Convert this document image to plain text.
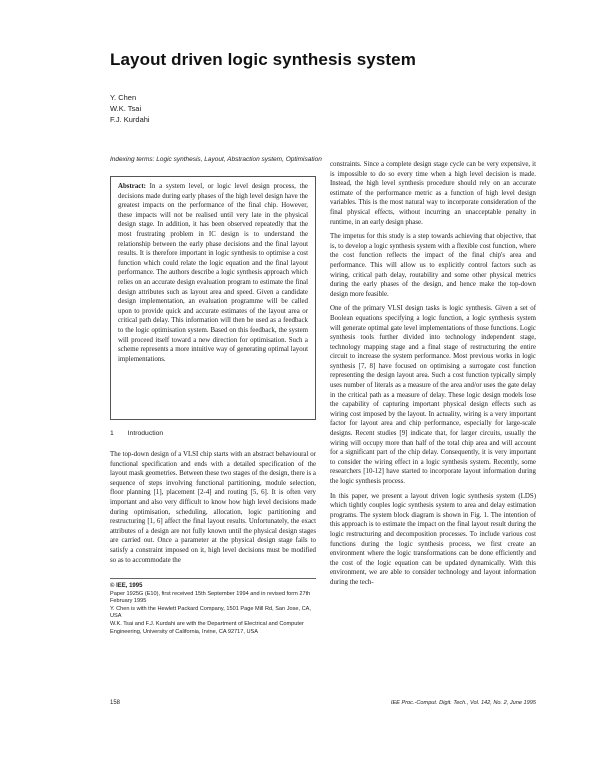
Layout driven logic synthesis system
Y. Chen
W.K. Tsai
F.J. Kurdahi
Indexing terms: Logic synthesis, Layout, Abstraction system, Optimisation
Abstract: In a system level, or logic level design process, the decisions made during early phases of the high level design have the greatest impacts on the performance of the final chip. However, these impacts will not be realised until very late in the physical design stage. In addition, it has been observed repeatedly that the most frustrating problem in IC design is to understand the relationship between the early phase decisions and the final layout results. It is therefore important in logic synthesis to optimise a cost function which could relate the logic equation and the final layout performance. The authors describe a logic synthesis approach which relies on an accurate design evaluation program to estimate the final design attributes such as layout area and speed. Given a candidate design implementation, an evaluation programme will be called upon to provide quick and accurate estimates of the layout area or critical path delay. This information will then be used as a feedback to the logic optimisation system. Based on this feedback, the system will proceed itself toward a new direction for optimisation. Such a scheme represents a more intuitive way of generating optimal layout implementations.
1 Introduction
The top-down design of a VLSI chip starts with an abstract behavioural or functional specification and ends with a detailed specification of the layout mask geometries. Between these two stages of the design, there is a sequence of steps involving functional partitioning, module selection, floor planning [1], placement [2-4] and routing [5, 6]. It is often very important and also very difficult to know how high level decisions made during optimisation, scheduling, allocation, logic partitioning and restructuring [1, 6] affect the final layout results. Unfortunately, the exact attributes of a design are not fully known until the physical design stages are carried out. Once a parameter at the physical design stage fails to satisfy a constraint imposed on it, high level decisions must be modified so as to accommodate the
© IEE, 1995
Paper 1925G (E10), first received 15th September 1994 and in revised form 27th February 1995
Y. Chen is with the Hewlett Packard Company, 1501 Page Mill Rd, San Jose, CA, USA
W.K. Tsai and F.J. Kurdahi are with the Department of Electrical and Computer Engineering, University of California, Irvine, CA 92717, USA

constraints. Since a complete design stage cycle can be very expensive, it is impossible to do so every time when a high level decision is made. Instead, the high level synthesis procedure should rely on an accurate estimate of the performance metric as a function of high level design variables. This is the most natural way to incorporate consideration of the final physical effects, without incurring an unacceptable penalty in runtime, in an early design phase.

The impetus for this study is a step towards achieving that objective, that is, to develop a logic synthesis system with a flexible cost function, where the cost function reflects the impact of the final chip's area and performance. This will allow us to explicitly control factors such as wiring, critical path delay, routability and some other physical metrics during the early phases of the design, and hence make the top-down design more feasible.

One of the primary VLSI design tasks is logic synthesis. Given a set of Boolean equations specifying a logic function, a logic synthesis system will generate optimal gate level implementations of those functions. Logic synthesis tools further divided into technology independent stage, technology mapping stage and a final stage of restructuring the entire circuit to increase the system performance. Most previous works in logic synthesis [7, 8] have focused on optimising a surrogate cost function representing the design layout area. Such a cost function typically simply uses number of literals as a measure of the area and/or uses the gate delay in the critical path as a measure of delay. These logic design models lose the capability of capturing important physical design effects such as wiring cost imposed by the layout. In actuality, wiring is a very important factor for layout area and chip performance, especially for large-scale designs. Recent studies [9] indicate that, for larger circuits, usually the wiring will occupy more than half of the total chip area and will account for a significant part of the chip delay. Consequently, it is very important to consider the wiring effect in a logic synthesis system. Recently, some researchers [10-12] have started to incorporate layout information during the logic synthesis process.

In this paper, we present a layout driven logic synthesis system (LDS) which tightly couples logic synthesis system to area and delay estimation programs. The system block diagram is shown in Fig. 1. The intention of this approach is to estimate the impact on the final layout result during the logic restructuring and decomposition processes. To include various cost functions during the logic synthesis process, we first create an environment where the logic transformations can be done efficiently and the cost of the logic equation can be updated dynamically. With this environment, we are able to consider technology and layout information during the tech-

158	IEE Proc.-Comput. Digit. Tech., Vol. 142, No. 2, June 1995
